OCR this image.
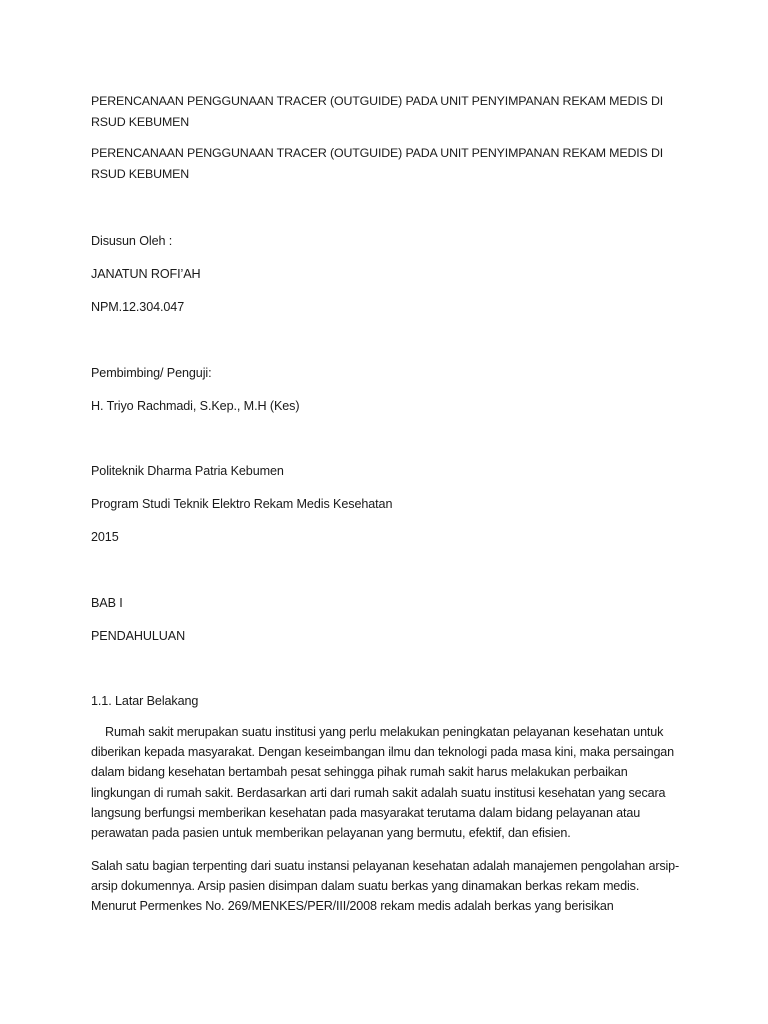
PERENCANAAN PENGGUNAAN TRACER (OUTGUIDE) PADA UNIT PENYIMPANAN REKAM MEDIS DI RSUD KEBUMEN
PERENCANAAN PENGGUNAAN TRACER (OUTGUIDE) PADA UNIT PENYIMPANAN REKAM MEDIS DI RSUD KEBUMEN
Disusun Oleh :
JANATUN ROFI’AH
NPM.12.304.047
Pembimbing/ Penguji:
H. Triyo Rachmadi, S.Kep., M.H (Kes)
Politeknik Dharma Patria Kebumen
Program Studi Teknik Elektro Rekam Medis Kesehatan
2015
BAB I
PENDAHULUAN
1.1. Latar Belakang
Rumah sakit merupakan suatu institusi yang perlu melakukan peningkatan pelayanan kesehatan untuk diberikan kepada masyarakat. Dengan keseimbangan ilmu dan teknologi pada masa kini, maka persaingan dalam bidang kesehatan bertambah pesat sehingga pihak rumah sakit harus melakukan perbaikan lingkungan di rumah sakit. Berdasarkan arti dari rumah sakit adalah suatu institusi kesehatan yang secara langsung berfungsi memberikan kesehatan pada masyarakat terutama dalam bidang pelayanan atau perawatan pada pasien untuk memberikan pelayanan yang bermutu, efektif, dan efisien.
Salah satu bagian terpenting dari suatu instansi pelayanan kesehatan adalah manajemen pengolahan arsip-arsip dokumennya. Arsip pasien disimpan dalam suatu berkas yang dinamakan berkas rekam medis. Menurut Permenkes No. 269/MENKES/PER/III/2008 rekam medis adalah berkas yang berisikan
